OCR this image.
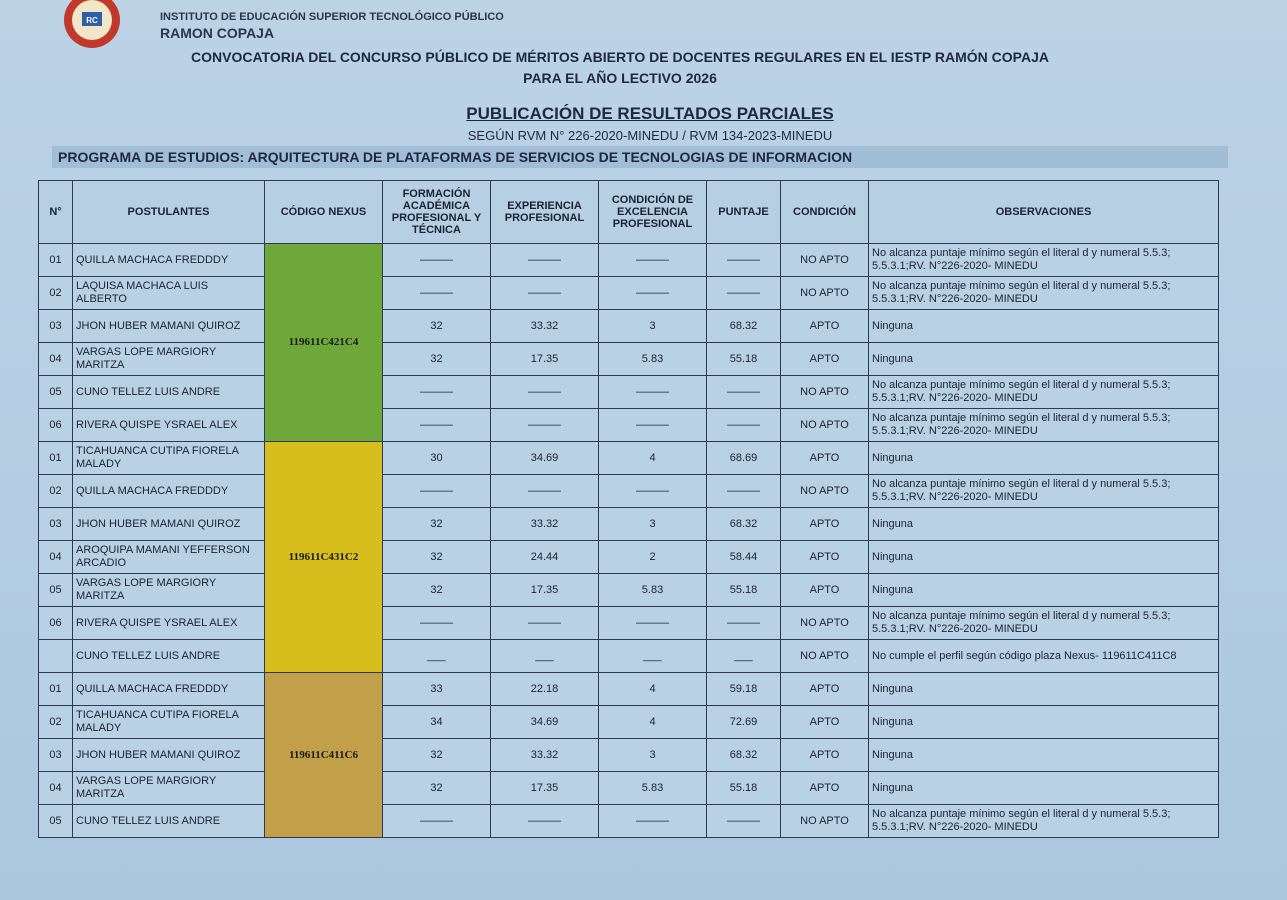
RC	INSTITUTO DE EDUCACIÓN SUPERIOR TECNOLÓGICO PÚBLICO
RAMON COPAJA
CONVOCATORIA DEL CONCURSO PÚBLICO DE MÉRITOS ABIERTO DE DOCENTES REGULARES EN EL IESTP RAMÓN COPAJA
PARA EL AÑO LECTIVO 2026
PUBLICACIÓN DE RESULTADOS PARCIALES
SEGÚN RVM N° 226-2020-MINEDU / RVM 134-2023-MINEDU
PROGRAMA DE ESTUDIOS: ARQUITECTURA DE PLATAFORMAS DE SERVICIOS DE TECNOLOGIAS DE INFORMACION
N°	POSTULANTES	CÓDIGO NEXUS	FORMACIÓN ACADÉMICA PROFESIONAL Y TÉCNICA	EXPERIENCIA PROFESIONAL	CONDICIÓN DE EXCELENCIA PROFESIONAL	PUNTAJE	CONDICIÓN	OBSERVACIONES
01	QUILLA MACHACA FREDDDY	119611C421C4	———	———	———	———	NO APTO	No alcanza puntaje mínimo según el literal d y numeral 5.5.3; 5.5.3.1;RV. N°226-2020- MINEDU
02	LAQUISA MACHACA LUIS ALBERTO		———	———	———	———	NO APTO	No alcanza puntaje mínimo según el literal d y numeral 5.5.3; 5.5.3.1;RV. N°226-2020- MINEDU
03	JHON HUBER MAMANI QUIROZ		32	33.32	3	68.32	APTO	Ninguna
04	VARGAS LOPE MARGIORY MARITZA		32	17.35	5.83	55.18	APTO	Ninguna
05	CUNO TELLEZ LUIS ANDRE		———	———	———	———	NO APTO	No alcanza puntaje mínimo según el literal d y numeral 5.5.3; 5.5.3.1;RV. N°226-2020- MINEDU
06	RIVERA QUISPE YSRAEL ALEX		———	———	———	———	NO APTO	No alcanza puntaje mínimo según el literal d y numeral 5.5.3; 5.5.3.1;RV. N°226-2020- MINEDU
01	TICAHUANCA CUTIPA FIORELA MALADY	119611C431C2	30	34.69	4	68.69	APTO	Ninguna
02	QUILLA MACHACA FREDDDY		———	———	———	———	NO APTO	No alcanza puntaje mínimo según el literal d y numeral 5.5.3; 5.5.3.1;RV. N°226-2020- MINEDU
03	JHON HUBER MAMANI QUIROZ		32	33.32	3	68.32	APTO	Ninguna
04	AROQUIPA MAMANI YEFFERSON ARCADIO		32	24.44	2	58.44	APTO	Ninguna
05	VARGAS LOPE MARGIORY MARITZA		32	17.35	5.83	55.18	APTO	Ninguna
06	RIVERA QUISPE YSRAEL ALEX		———	———	———	———	NO APTO	No alcanza puntaje mínimo según el literal d y numeral 5.5.3; 5.5.3.1;RV. N°226-2020- MINEDU
	CUNO TELLEZ LUIS ANDRE		___	___	___	___	NO APTO	No cumple el perfil según código plaza Nexus- 119611C411C8
01	QUILLA MACHACA FREDDDY	119611C411C6	33	22.18	4	59.18	APTO	Ninguna
02	TICAHUANCA CUTIPA FIORELA MALADY		34	34.69	4	72.69	APTO	Ninguna
03	JHON HUBER MAMANI QUIROZ		32	33.32	3	68.32	APTO	Ninguna
04	VARGAS LOPE MARGIORY MARITZA		32	17.35	5.83	55.18	APTO	Ninguna
05	CUNO TELLEZ LUIS ANDRE		———	———	———	———	NO APTO	No alcanza puntaje mínimo según el literal d y numeral 5.5.3; 5.5.3.1;RV. N°226-2020- MINEDU
